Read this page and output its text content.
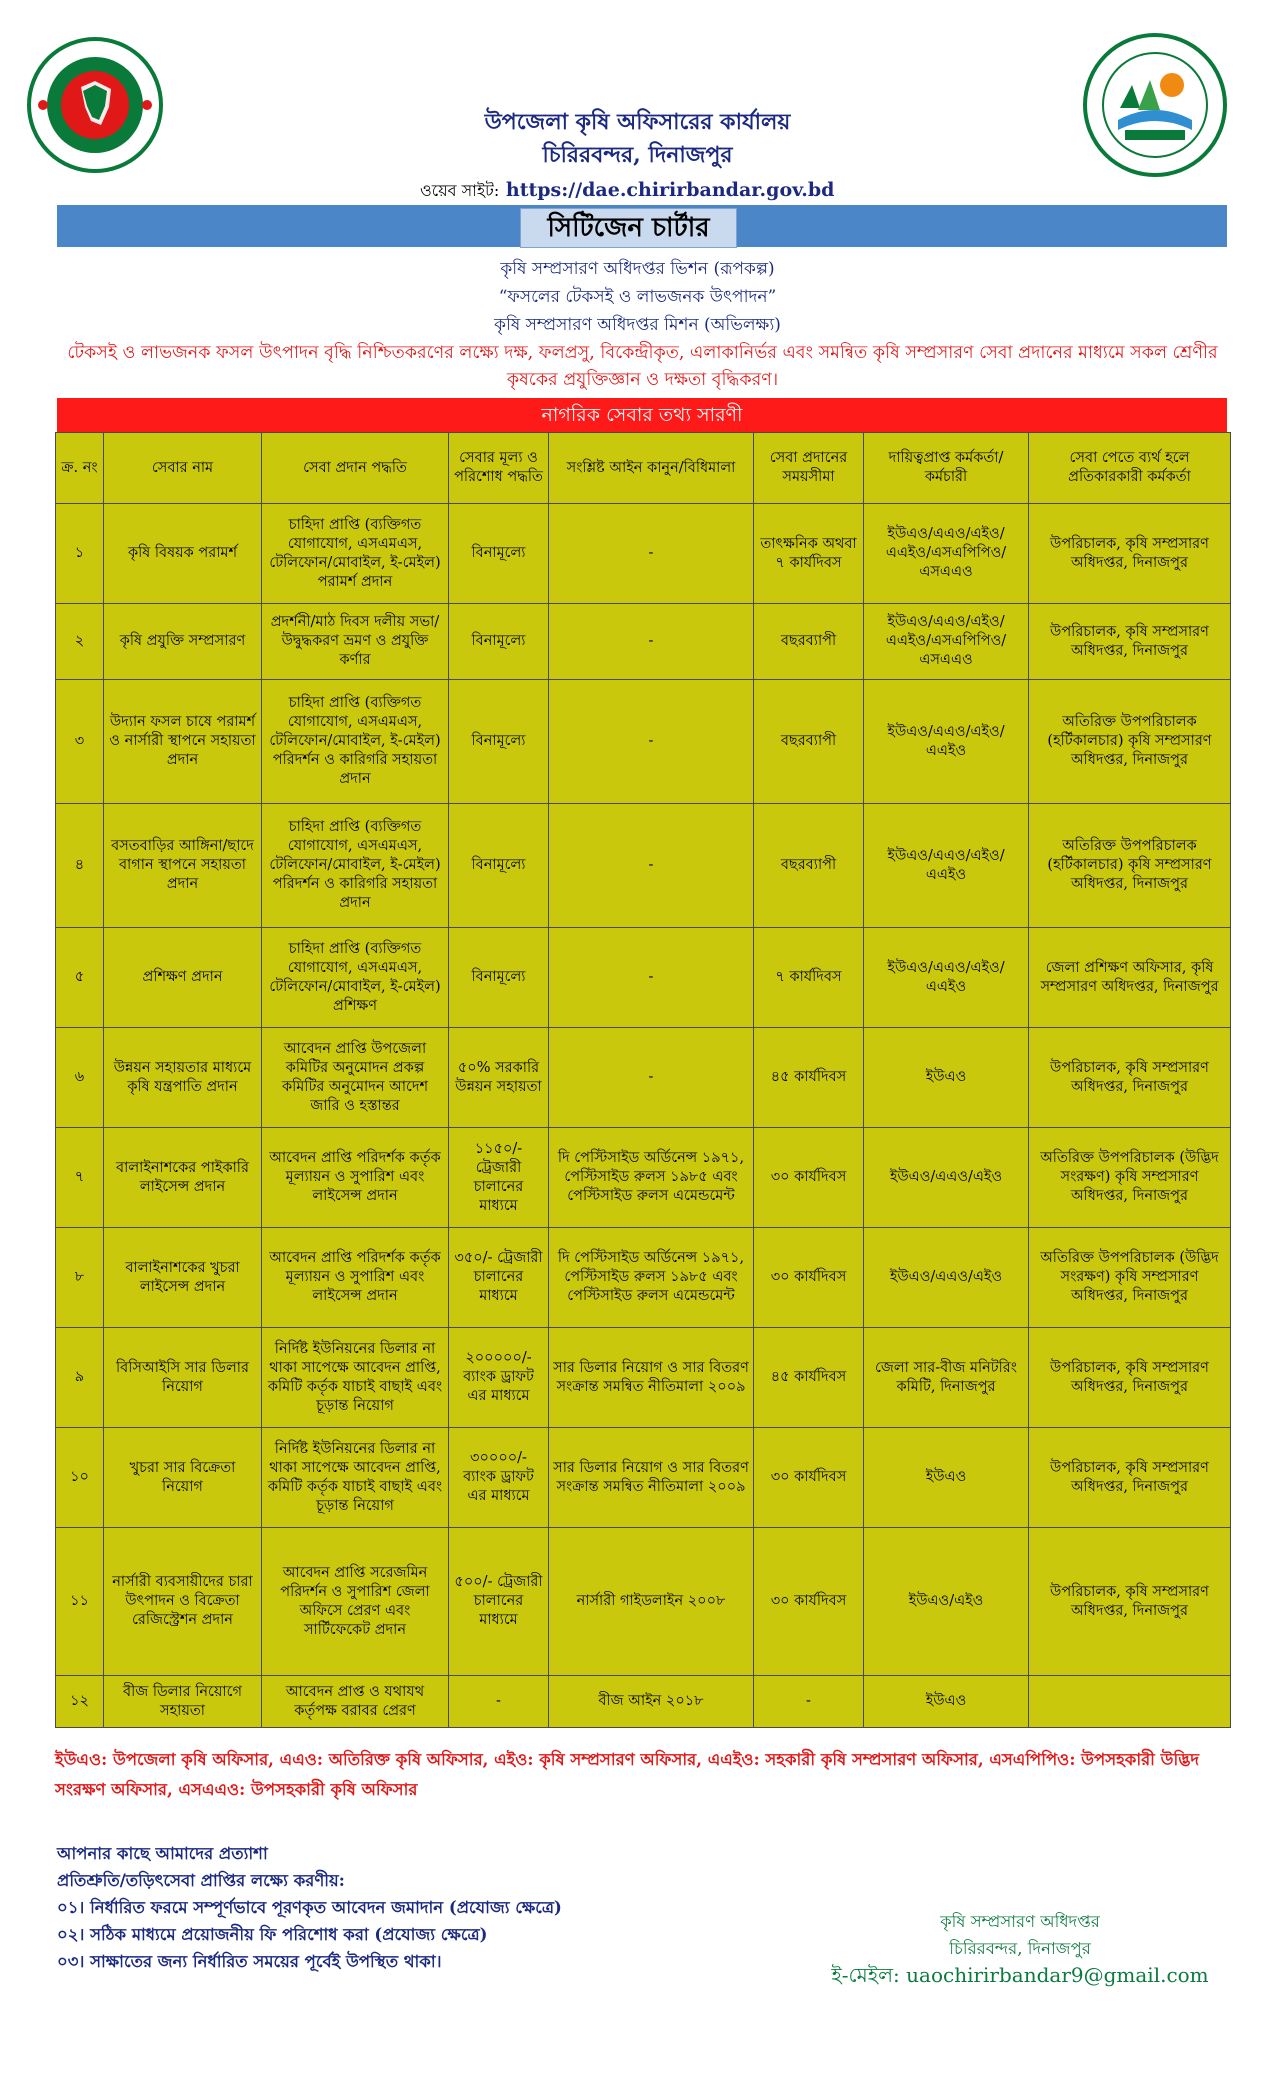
উপজেলা কৃষি অফিসারের কার্যালয়
চিরিরবন্দর, দিনাজপুর
ওয়েব সাইট: https://dae.chirirbandar.gov.bd
সিটিজেন চার্টার
কৃষি সম্প্রসারণ অধিদপ্তর ভিশন (রূপকল্প)
“ফসলের টেকসই ও লাভজনক উৎপাদন”
কৃষি সম্প্রসারণ অধিদপ্তর মিশন (অভিলক্ষ্য)
টেকসই ও লাভজনক ফসল উৎপাদন বৃদ্ধি নিশ্চিতকরণের লক্ষ্যে দক্ষ, ফলপ্রসু, বিকেন্দ্রীকৃত, এলাকানির্ভর এবং সমন্বিত কৃষি সম্প্রসারণ সেবা প্রদানের মাধ্যমে সকল শ্রেণীর কৃষকের প্রযুক্তিজ্ঞান ও দক্ষতা বৃদ্ধিকরণ।
নাগরিক সেবার তথ্য সারণী
ক্র. নং	সেবার নাম	সেবা প্রদান পদ্ধতি	সেবার মূল্য ও পরিশোধ পদ্ধতি	সংশ্লিষ্ট আইন কানুন/বিধিমালা	সেবা প্রদানের সময়সীমা	দায়িত্বপ্রাপ্ত কর্মকর্তা/কর্মচারী	সেবা পেতে ব্যর্থ হলে প্রতিকারকারী কর্মকর্তা
১	কৃষি বিষয়ক পরামর্শ	চাহিদা প্রাপ্তি (ব্যক্তিগত যোগাযোগ, এসএমএস, টেলিফোন/মোবাইল, ই-মেইল) পরামর্শ প্রদান	বিনামূল্যে	-	তাৎক্ষনিক অথবা ৭ কার্যদিবস	ইউএও/এএও/এইও/ এএইও/এসএপিপিও/ এসএএও	উপরিচালক, কৃষি সম্প্রসারণ অধিদপ্তর, দিনাজপুর
২	কৃষি প্রযুক্তি সম্প্রসারণ	প্রদর্শনী/মাঠ দিবস দলীয় সভা/উদ্বুদ্ধকরণ ভ্রমণ ও প্রযুক্তি কর্ণার	বিনামূল্যে	-	বছরব্যাপী	ইউএও/এএও/এইও/ এএইও/এসএপিপিও/ এসএএও	উপরিচালক, কৃষি সম্প্রসারণ অধিদপ্তর, দিনাজপুর
৩	উদ্যান ফসল চাষে পরামর্শ ও নার্সারী স্থাপনে সহায়তা প্রদান	চাহিদা প্রাপ্তি (ব্যক্তিগত যোগাযোগ, এসএমএস, টেলিফোন/মোবাইল, ই-মেইল) পরিদর্শন ও কারিগরি সহায়তা প্রদান	বিনামূল্যে	-	বছরব্যাপী	ইউএও/এএও/এইও/ এএইও	অতিরিক্ত উপপরিচালক (হর্টিকালচার) কৃষি সম্প্রসারণ অধিদপ্তর, দিনাজপুর
৪	বসতবাড়ির আঙ্গিনা/ছাদে বাগান স্থাপনে সহায়তা প্রদান	চাহিদা প্রাপ্তি (ব্যক্তিগত যোগাযোগ, এসএমএস, টেলিফোন/মোবাইল, ই-মেইল) পরিদর্শন ও কারিগরি সহায়তা প্রদান	বিনামূল্যে	-	বছরব্যাপী	ইউএও/এএও/এইও/ এএইও	অতিরিক্ত উপপরিচালক (হর্টিকালচার) কৃষি সম্প্রসারণ অধিদপ্তর, দিনাজপুর
৫	প্রশিক্ষণ প্রদান	চাহিদা প্রাপ্তি (ব্যক্তিগত যোগাযোগ, এসএমএস, টেলিফোন/মোবাইল, ই-মেইল) প্রশিক্ষণ	বিনামূল্যে	-	৭ কার্যদিবস	ইউএও/এএও/এইও/ এএইও	জেলা প্রশিক্ষণ অফিসার, কৃষি সম্প্রসারণ অধিদপ্তর, দিনাজপুর
৬	উন্নয়ন সহায়তার মাধ্যমে কৃষি যন্ত্রপাতি প্রদান	আবেদন প্রাপ্তি উপজেলা কমিটির অনুমোদন প্রকল্প কমিটির অনুমোদন আদেশ জারি ও হস্তান্তর	৫০% সরকারি উন্নয়ন সহায়তা	-	৪৫ কার্যদিবস	ইউএও	উপরিচালক, কৃষি সম্প্রসারণ অধিদপ্তর, দিনাজপুর
৭	বালাইনাশকের পাইকারি লাইসেন্স প্রদান	আবেদন প্রাপ্তি পরিদর্শক কর্তৃক মূল্যায়ন ও সুপারিশ এবং লাইসেন্স প্রদান	১১৫০/- ট্রেজারী চালানের মাধ্যমে	দি পেস্টিসাইড অর্ডিনেন্স ১৯৭১, পেস্টিসাইড রুলস ১৯৮৫ এবং পেস্টিসাইড রুলস এমেন্ডমেন্ট	৩০ কার্যদিবস	ইউএও/এএও/এইও	অতিরিক্ত উপপরিচালক (উদ্ভিদ সংরক্ষণ) কৃষি সম্প্রসারণ অধিদপ্তর, দিনাজপুর
৮	বালাইনাশকের খুচরা লাইসেন্স প্রদান	আবেদন প্রাপ্তি পরিদর্শক কর্তৃক মূল্যায়ন ও সুপারিশ এবং লাইসেন্স প্রদান	৩৫০/- ট্রেজারী চালানের মাধ্যমে	দি পেস্টিসাইড অর্ডিনেন্স ১৯৭১, পেস্টিসাইড রুলস ১৯৮৫ এবং পেস্টিসাইড রুলস এমেন্ডমেন্ট	৩০ কার্যদিবস	ইউএও/এএও/এইও	অতিরিক্ত উপপরিচালক (উদ্ভিদ সংরক্ষণ) কৃষি সম্প্রসারণ অধিদপ্তর, দিনাজপুর
৯	বিসিআইসি সার ডিলার নিয়োগ	নির্দিষ্ট ইউনিয়নের ডিলার না থাকা সাপেক্ষে আবেদন প্রাপ্তি, কমিটি কর্তৃক যাচাই বাছাই এবং চূড়ান্ত নিয়োগ	২০০০০০/- ব্যাংক ড্রাফট এর মাধ্যমে	সার ডিলার নিয়োগ ও সার বিতরণ সংক্রান্ত সমন্বিত নীতিমালা ২০০৯	৪৫ কার্যদিবস	জেলা সার-বীজ মনিটরিং কমিটি, দিনাজপুর	উপরিচালক, কৃষি সম্প্রসারণ অধিদপ্তর, দিনাজপুর
১০	খুচরা সার বিক্রেতা নিয়োগ	নির্দিষ্ট ইউনিয়নের ডিলার না থাকা সাপেক্ষে আবেদন প্রাপ্তি, কমিটি কর্তৃক যাচাই বাছাই এবং চূড়ান্ত নিয়োগ	৩০০০০/- ব্যাংক ড্রাফট এর মাধ্যমে	সার ডিলার নিয়োগ ও সার বিতরণ সংক্রান্ত সমন্বিত নীতিমালা ২০০৯	৩০ কার্যদিবস	ইউএও	উপরিচালক, কৃষি সম্প্রসারণ অধিদপ্তর, দিনাজপুর
১১	নার্সারী ব্যবসায়ীদের চারা উৎপাদন ও বিক্রেতা রেজিস্ট্রেশন প্রদান	আবেদন প্রাপ্তি সরেজমিন পরিদর্শন ও সুপারিশ জেলা অফিসে প্রেরণ এবং সার্টিফেকেট প্রদান	৫০০/- ট্রেজারী চালানের মাধ্যমে	নার্সারী গাইডলাইন ২০০৮	৩০ কার্যদিবস	ইউএও/এইও	উপরিচালক, কৃষি সম্প্রসারণ অধিদপ্তর, দিনাজপুর
১২	বীজ ডিলার নিয়োগে সহায়তা	আবেদন প্রাপ্ত ও যথাযথ কর্তৃপক্ষ বরাবর প্রেরণ	-	বীজ আইন ২০১৮	-	ইউএও	
ইউএও: উপজেলা কৃষি অফিসার, এএও: অতিরিক্ত কৃষি অফিসার, এইও: কৃষি সম্প্রসারণ অফিসার, এএইও: সহকারী কৃষি সম্প্রসারণ অফিসার, এসএপিপিও: উপসহকারী উদ্ভিদ সংরক্ষণ অফিসার, এসএএও: উপসহকারী কৃষি অফিসার
আপনার কাছে আমাদের প্রত্যাশা
প্রতিশ্রুতি/তড়িৎসেবা প্রাপ্তির লক্ষ্যে করণীয়:
০১। নির্ধারিত ফরমে সম্পূর্ণভাবে পূরণকৃত আবেদন জমাদান (প্রযোজ্য ক্ষেত্রে)
০২। সঠিক মাধ্যমে প্রয়োজনীয় ফি পরিশোধ করা (প্রযোজ্য ক্ষেত্রে)
০৩। সাক্ষাতের জন্য নির্ধারিত সময়ের পূর্বেই উপস্থিত থাকা।
কৃষি সম্প্রসারণ অধিদপ্তর
চিরিরবন্দর, দিনাজপুর
ই-মেইল: uaochirirbandar9@gmail.com
